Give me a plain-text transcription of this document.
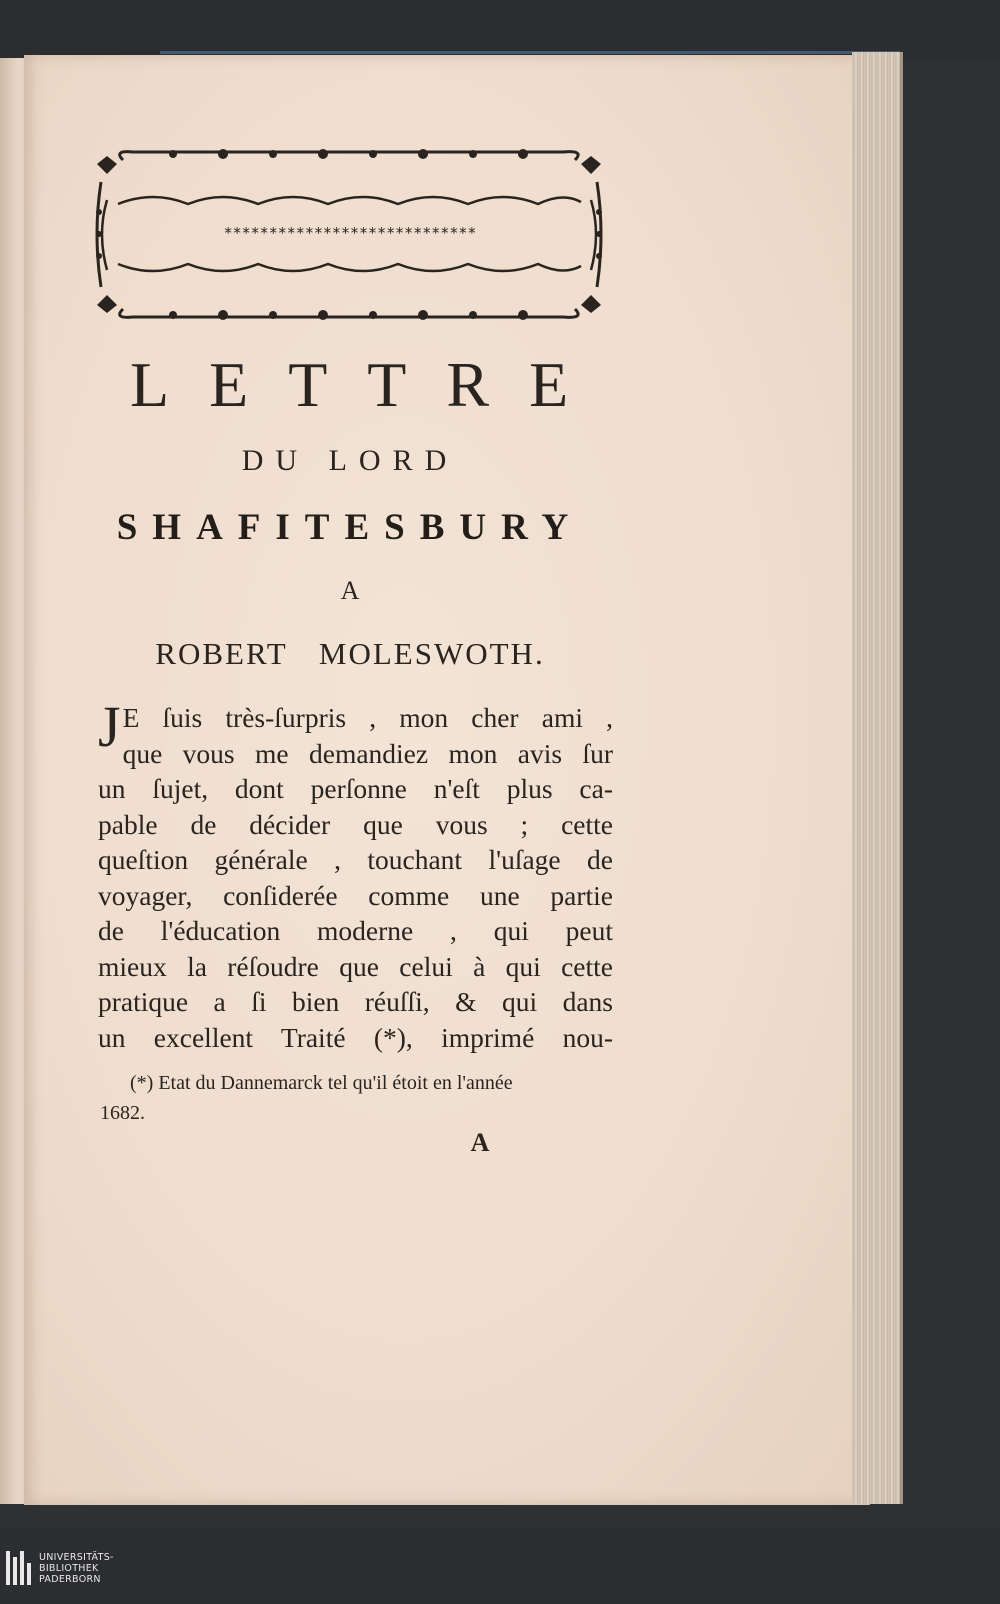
****************************
LETTRE
DU LORD
SHAFITESBURY
A
ROBERT MOLESWOTH.
J E ſuis très-ſurpris , mon cher ami ,
que vous me demandiez mon avis ſur
un ſujet, dont perſonne n'eſt plus ca-
pable de décider que vous ; cette
queſtion générale , touchant l'uſage de
voyager, conſiderée comme une partie
de l'éducation moderne , qui peut
mieux la réſoudre que celui à qui cette
pratique a ſi bien réuſſi, & qui dans
un excellent Traité (*), imprimé nou-
(*) Etat du Dannemarck tel qu'il étoit en l'année
1682.
A
UNIVERSITÄTS-
BIBLIOTHEK
PADERBORN
